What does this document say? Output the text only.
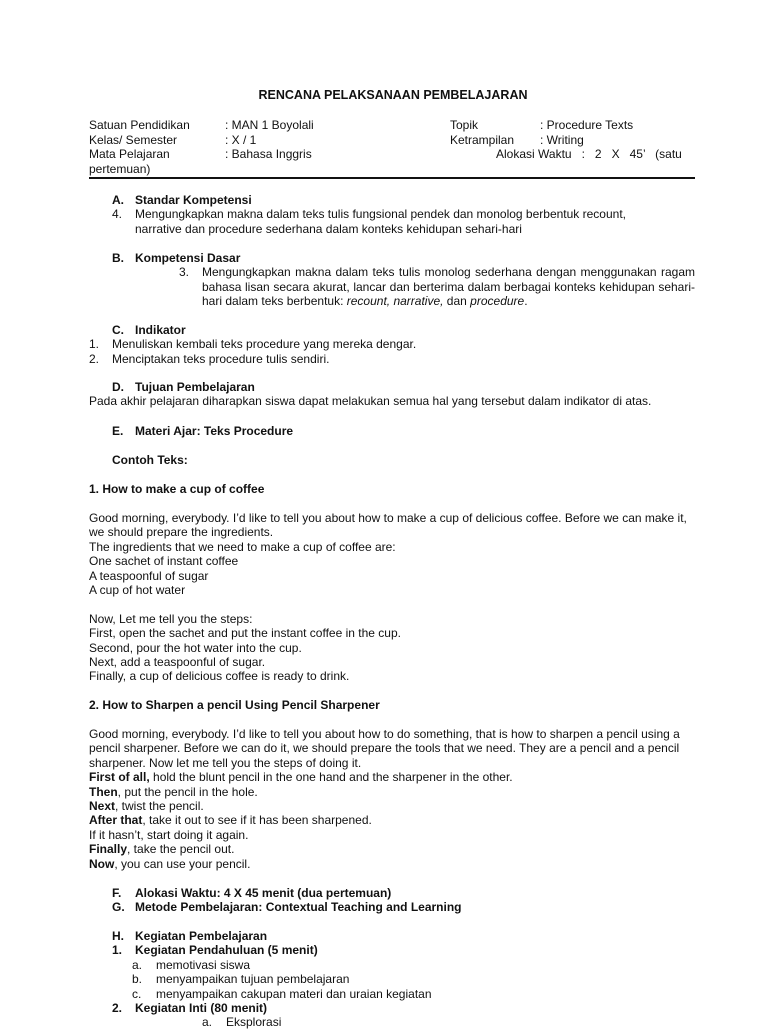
RENCANA PELAKSANAAN PEMBELAJARAN
Satuan Pendidikan	: MAN 1 Boyolali	Topik	: Procedure Texts
Kelas/ Semester	: X / 1	Ketrampilan : Writing
Mata Pelajaran	: Bahasa Inggris	Alokasi Waktu   :   2   X   45’   (satu
pertemuan)
A. Standar Kompetensi
4. Mengungkapkan makna dalam teks tulis fungsional pendek dan monolog berbentuk recount,
narrative dan procedure sederhana dalam konteks kehidupan sehari-hari
B. Kompetensi Dasar
3. Mengungkapkan makna dalam teks tulis monolog sederhana dengan menggunakan ragam bahasa lisan secara akurat, lancar dan berterima dalam berbagai konteks kehidupan sehari-hari dalam teks berbentuk: recount, narrative, dan procedure.
C. Indikator
1. Menuliskan kembali teks procedure yang mereka dengar.
2. Menciptakan teks procedure tulis sendiri.
D. Tujuan Pembelajaran
Pada akhir pelajaran diharapkan siswa dapat melakukan semua hal yang tersebut dalam indikator di atas.
E. Materi Ajar: Teks Procedure
Contoh Teks:
1. How to make a cup of coffee
Good morning, everybody. I’d like to tell you about how to make a cup of delicious coffee. Before we can make it, we should prepare the ingredients.
The ingredients that we need to make a cup of coffee are:
One sachet of instant coffee
A teaspoonful of sugar
A cup of hot water
Now, Let me tell you the steps:
First, open the sachet and put the instant coffee in the cup.
Second, pour the hot water into the cup.
Next, add a teaspoonful of sugar.
Finally, a cup of delicious coffee is ready to drink.
2. How to Sharpen a pencil Using Pencil Sharpener
Good morning, everybody. I’d like to tell you about how to do something, that is how to sharpen a pencil using a pencil sharpener. Before we can do it, we should prepare the tools that we need. They are a pencil and a pencil sharpener. Now let me tell you the steps of doing it.
First of all, hold the blunt pencil in the one hand and the sharpener in the other.
Then, put the pencil in the hole.
Next, twist the pencil.
After that, take it out to see if it has been sharpened.
If it hasn’t, start doing it again.
Finally, take the pencil out.
Now, you can use your pencil.
F. Alokasi Waktu: 4 X 45 menit (dua pertemuan)
G. Metode Pembelajaran: Contextual Teaching and Learning
H. Kegiatan Pembelajaran
1. Kegiatan Pendahuluan (5 menit)
a. memotivasi siswa
b. menyampaikan tujuan pembelajaran
c. menyampaikan cakupan materi dan uraian kegiatan
2. Kegiatan Inti (80 menit)
a. Eksplorasi
